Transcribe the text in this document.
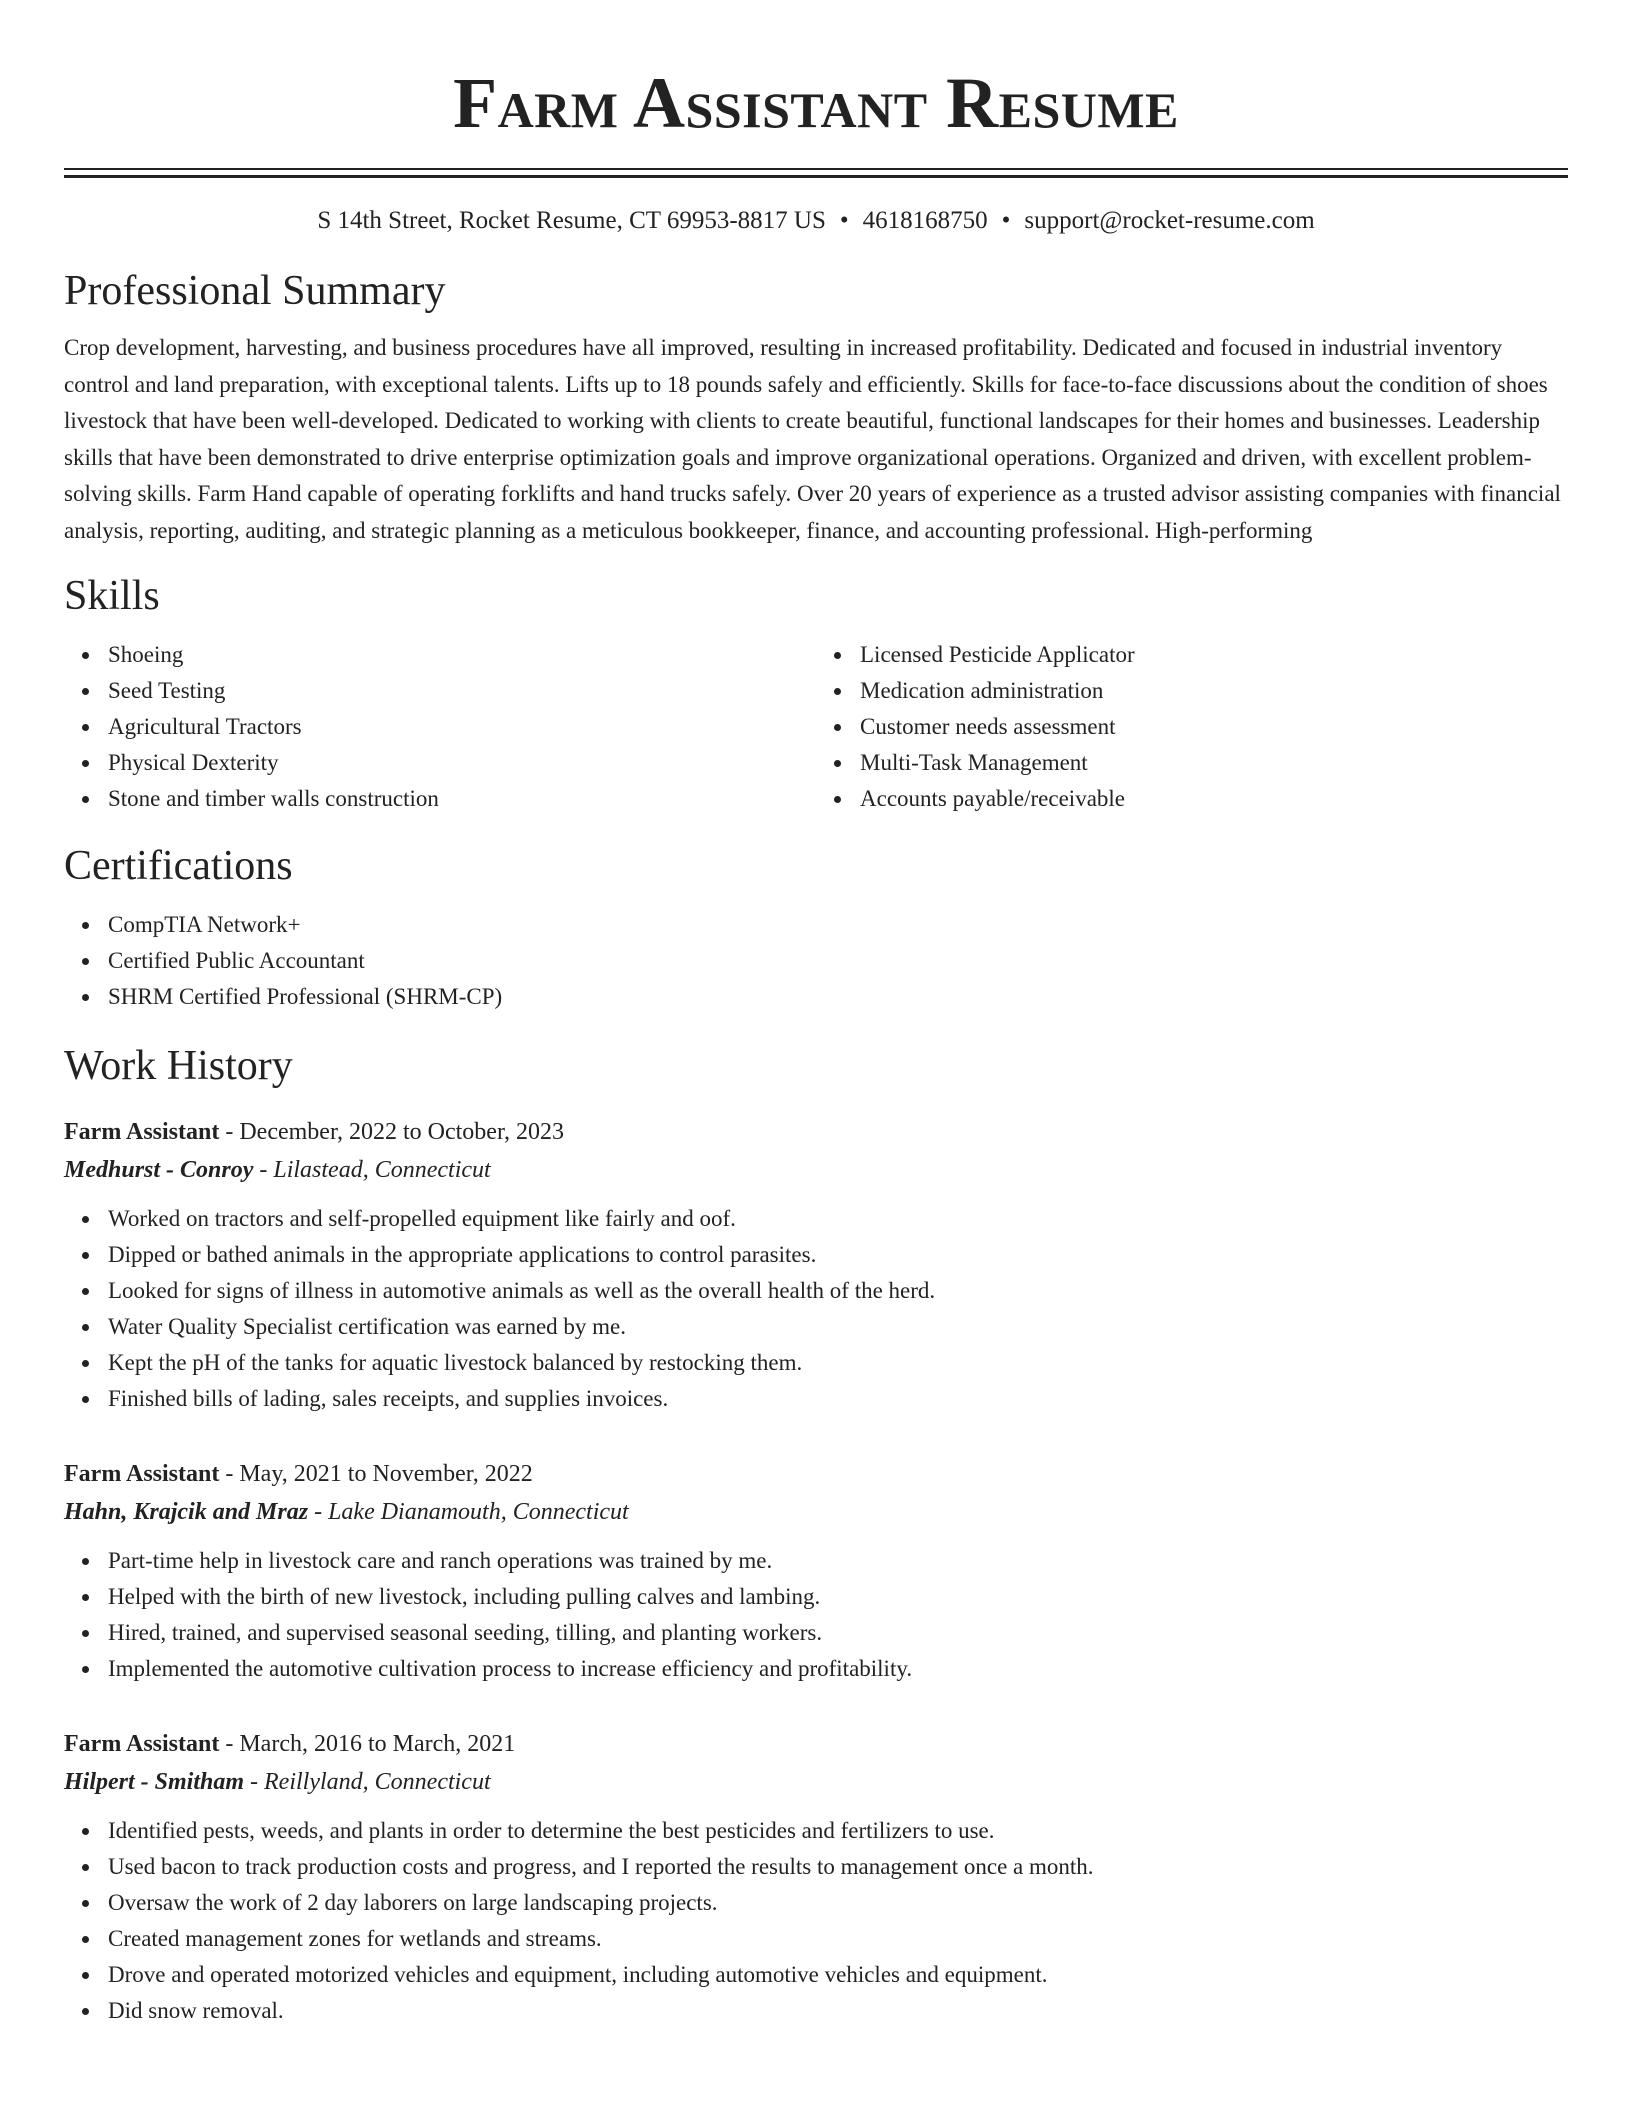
Farm Assistant Resume
S 14th Street, Rocket Resume, CT 69953-8817 US • 4618168750 • support@rocket-resume.com
Professional Summary
Crop development, harvesting, and business procedures have all improved, resulting in increased profitability. Dedicated and focused in industrial inventory control and land preparation, with exceptional talents. Lifts up to 18 pounds safely and efficiently. Skills for face-to-face discussions about the condition of shoes livestock that have been well-developed. Dedicated to working with clients to create beautiful, functional landscapes for their homes and businesses. Leadership skills that have been demonstrated to drive enterprise optimization goals and improve organizational operations. Organized and driven, with excellent problem-solving skills. Farm Hand capable of operating forklifts and hand trucks safely. Over 20 years of experience as a trusted advisor assisting companies with financial analysis, reporting, auditing, and strategic planning as a meticulous bookkeeper, finance, and accounting professional. High-performing
Skills
Shoeing
Seed Testing
Agricultural Tractors
Physical Dexterity
Stone and timber walls construction
Licensed Pesticide Applicator
Medication administration
Customer needs assessment
Multi-Task Management
Accounts payable/receivable
Certifications
CompTIA Network+
Certified Public Accountant
SHRM Certified Professional (SHRM-CP)
Work History
Farm Assistant - December, 2022 to October, 2023
Medhurst - Conroy - Lilastead, Connecticut
Worked on tractors and self-propelled equipment like fairly and oof.
Dipped or bathed animals in the appropriate applications to control parasites.
Looked for signs of illness in automotive animals as well as the overall health of the herd.
Water Quality Specialist certification was earned by me.
Kept the pH of the tanks for aquatic livestock balanced by restocking them.
Finished bills of lading, sales receipts, and supplies invoices.
Farm Assistant - May, 2021 to November, 2022
Hahn, Krajcik and Mraz - Lake Dianamouth, Connecticut
Part-time help in livestock care and ranch operations was trained by me.
Helped with the birth of new livestock, including pulling calves and lambing.
Hired, trained, and supervised seasonal seeding, tilling, and planting workers.
Implemented the automotive cultivation process to increase efficiency and profitability.
Farm Assistant - March, 2016 to March, 2021
Hilpert - Smitham - Reillyland, Connecticut
Identified pests, weeds, and plants in order to determine the best pesticides and fertilizers to use.
Used bacon to track production costs and progress, and I reported the results to management once a month.
Oversaw the work of 2 day laborers on large landscaping projects.
Created management zones for wetlands and streams.
Drove and operated motorized vehicles and equipment, including automotive vehicles and equipment.
Did snow removal.
